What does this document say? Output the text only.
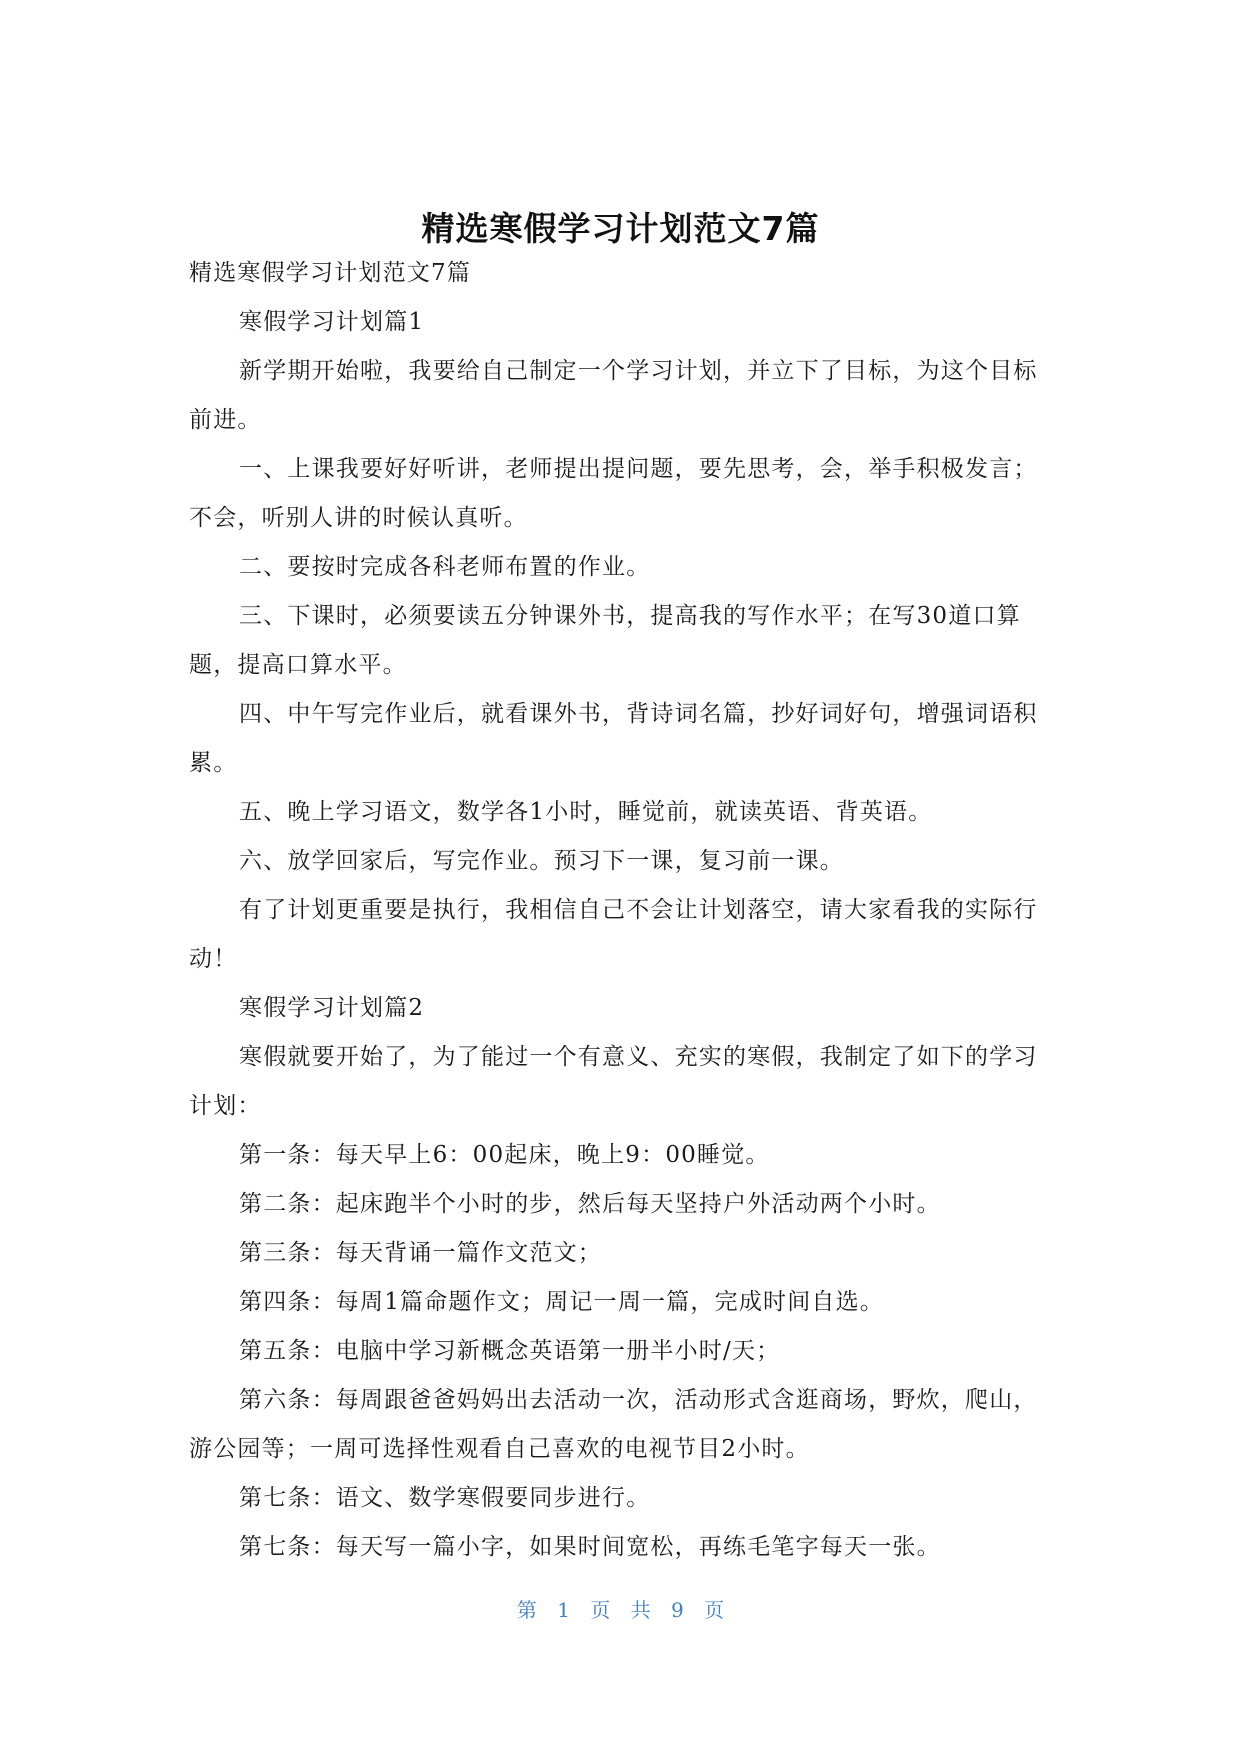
精选寒假学习计划范文7篇

精选寒假学习计划范文7篇

寒假学习计划篇1

新学期开始啦，我要给自己制定一个学习计划，并立下了目标，为这个目标前进。

一、上课我要好好听讲，老师提出提问题，要先思考，会，举手积极发言；不会，听别人讲的时候认真听。

二、要按时完成各科老师布置的作业。

三、下课时，必须要读五分钟课外书，提高我的写作水平；在写30道口算题，提高口算水平。

四、中午写完作业后，就看课外书，背诗词名篇，抄好词好句，增强词语积累。

五、晚上学习语文，数学各1小时，睡觉前，就读英语、背英语。

六、放学回家后，写完作业。预习下一课，复习前一课。

有了计划更重要是执行，我相信自己不会让计划落空，请大家看我的实际行动！

寒假学习计划篇2

寒假就要开始了，为了能过一个有意义、充实的寒假，我制定了如下的学习计划：

第一条：每天早上6：00起床，晚上9：00睡觉。

第二条：起床跑半个小时的步，然后每天坚持户外活动两个小时。

第三条：每天背诵一篇作文范文；

第四条：每周1篇命题作文；周记一周一篇，完成时间自选。

第五条：电脑中学习新概念英语第一册半小时/天；

第六条：每周跟爸爸妈妈出去活动一次，活动形式含逛商场，野炊，爬山，游公园等；一周可选择性观看自己喜欢的电视节目2小时。

第七条：语文、数学寒假要同步进行。

第七条：每天写一篇小字，如果时间宽松，再练毛笔字每天一张。

第 1 页 共 9 页
